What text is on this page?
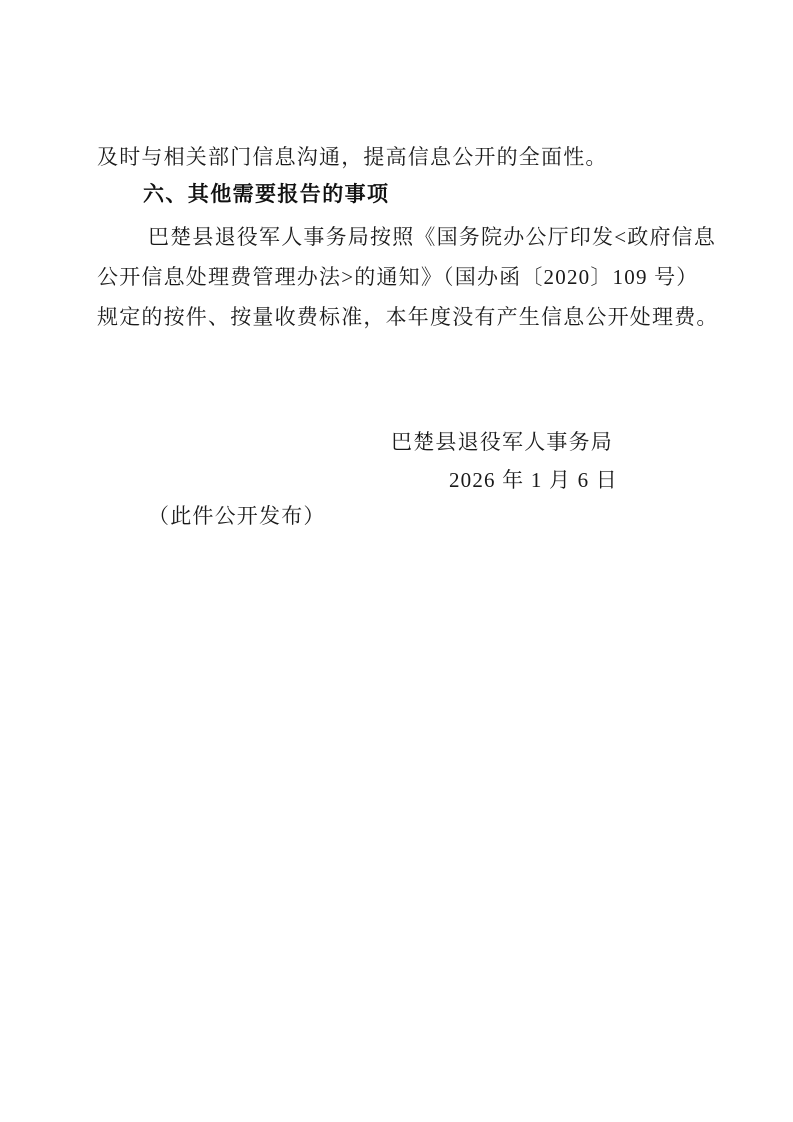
及时与相关部门信息沟通，提高信息公开的全面性。
六、其他需要报告的事项
巴楚县退役军人事务局按照《国务院办公厅印发<政府信息
公开信息处理费管理办法>的通知》（国办函〔2020〕109 号）
规定的按件、按量收费标准，本年度没有产生信息公开处理费。
巴楚县退役军人事务局
2026 年 1 月 6 日
（此件公开发布）
